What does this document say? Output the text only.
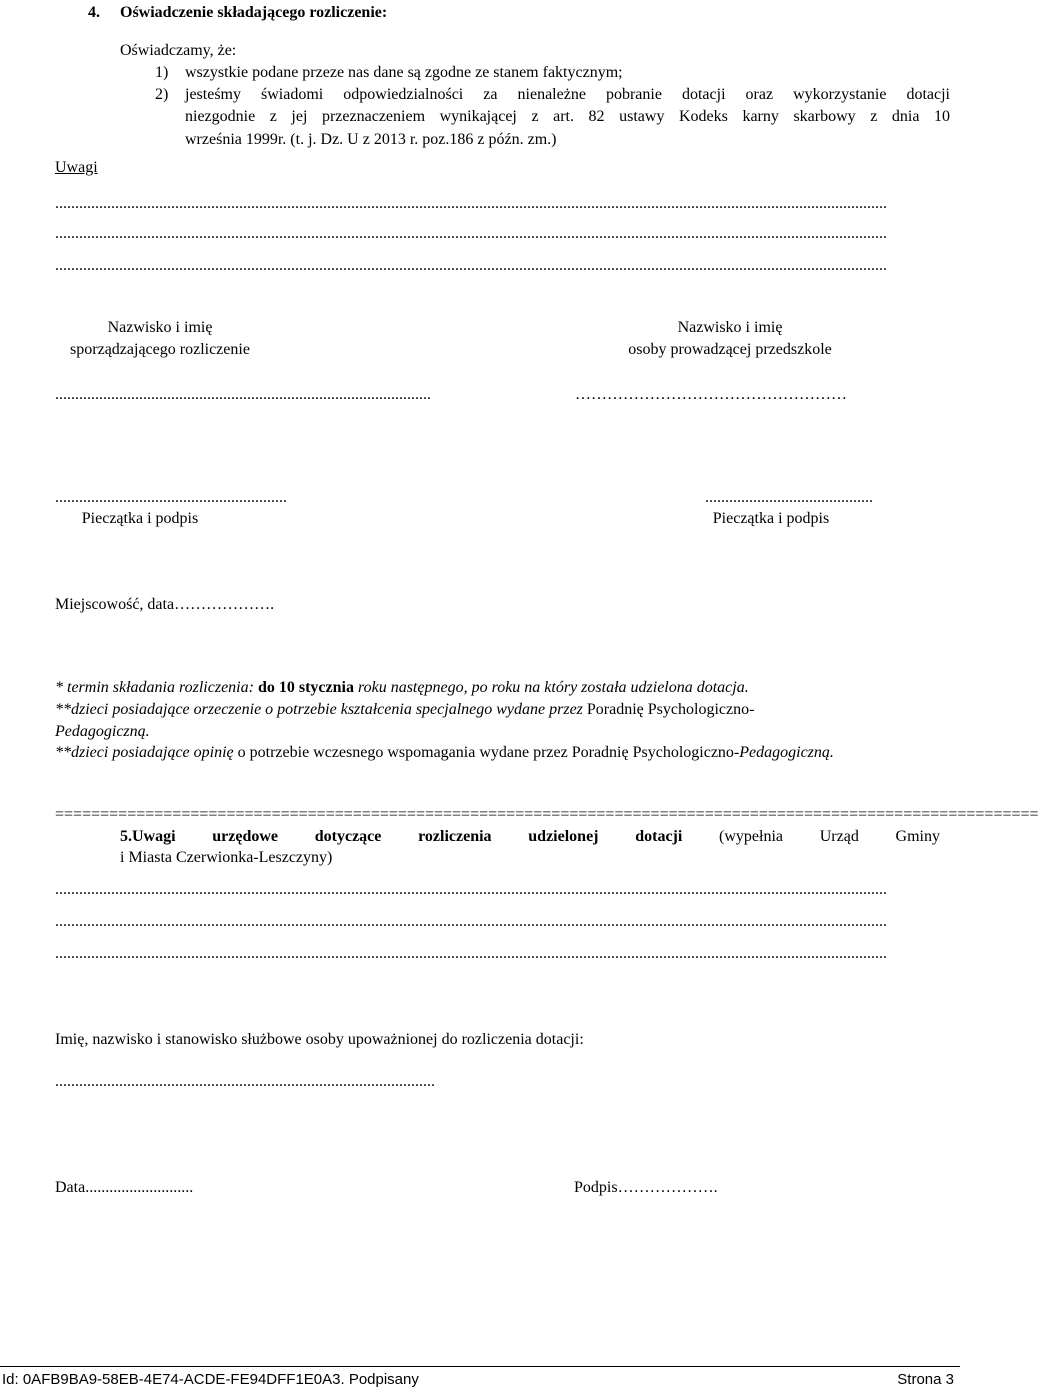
4. Oświadczenie składającego rozliczenie:
Oświadczamy, że:
1) wszystkie podane przeze nas dane są zgodne ze stanem faktycznym;
2) jesteśmy świadomi odpowiedzialności za nienależne pobranie dotacji oraz wykorzystanie dotacji
niezgodnie z jej przeznaczeniem wynikającej z art. 82 ustawy Kodeks karny skarbowy z dnia 10
września 1999r. (t. j. Dz. U z 2013 r. poz.186 z późn. zm.)
Uwagi
................................................................................................................................................................................................................
................................................................................................................................................................................................................
................................................................................................................................................................................................................
Nazwisko i imię
sporządzającego rozliczenie
Nazwisko i imię
osoby prowadzącej przedszkole
..............................................................................................	……………………………………………
..........................................................	..........................................
Pieczątka i podpis	Pieczątka i podpis
Miejscowość, data……………….
* termin składania rozliczenia: do 10 stycznia roku następnego, po roku na który została udzielona dotacja.
**dzieci posiadające orzeczenie o potrzebie kształcenia specjalnego wydane przez Poradnię Psychologiczno-
Pedagogiczną.
**dzieci posiadające opinię o potrzebie wczesnego wspomagania wydane przez Poradnię Psychologiczno-Pedagogiczną.
=============================================================================================================
5.Uwagi urzędowe dotyczące rozliczenia udzielonej dotacji (wypełnia Urząd Gminy
i Miasta Czerwionka-Leszczyny)
................................................................................................................................................................................................................
................................................................................................................................................................................................................
................................................................................................................................................................................................................
Imię, nazwisko i stanowisko służbowe osoby upoważnionej do rozliczenia dotacji:
...............................................................................................
Data...........................	Podpis……………….
Id: 0AFB9BA9-58EB-4E74-ACDE-FE94DFF1E0A3. Podpisany	Strona 3
